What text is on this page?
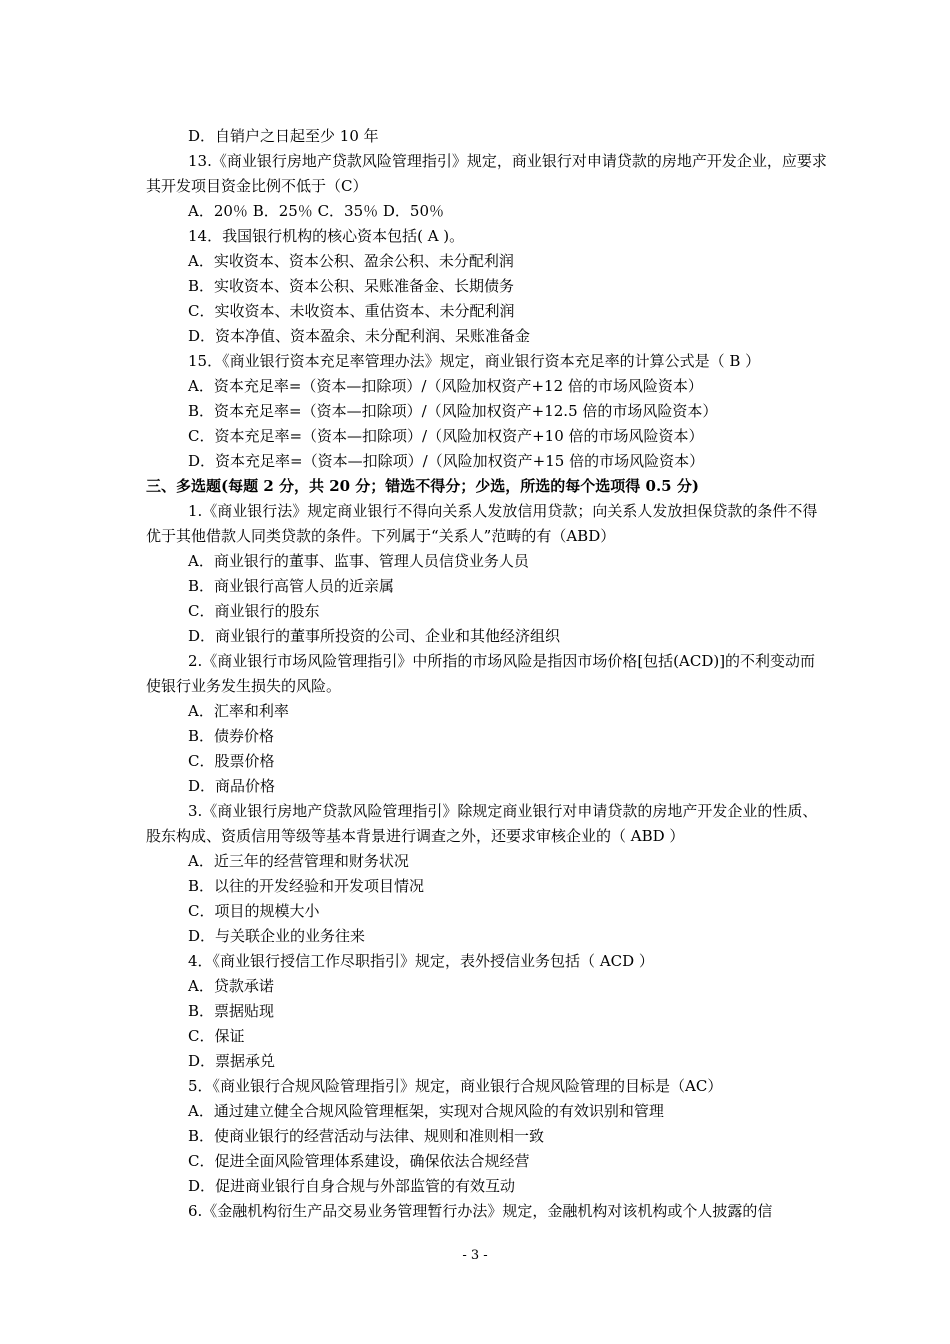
D．自销户之日起至少 10 年
13.《商业银行房地产贷款风险管理指引》规定，商业银行对申请贷款的房地产开发企业，应要求其开发项目资金比例不低于（C）
A．20％ B．25％ C．35％ D．50％
14．我国银行机构的核心资本包括( A )。
A．实收资本、资本公积、盈余公积、未分配利润
B．实收资本、资本公积、呆账准备金、长期债务
C．实收资本、未收资本、重估资本、未分配利润
D．资本净值、资本盈余、未分配利润、呆账准备金
15．《商业银行资本充足率管理办法》规定，商业银行资本充足率的计算公式是（ B ）
A．资本充足率=（资本—扣除项）/（风险加权资产+12 倍的市场风险资本）
B．资本充足率=（资本—扣除项）/（风险加权资产+12.5 倍的市场风险资本）
C．资本充足率=（资本—扣除项）/（风险加权资产+10 倍的市场风险资本）
D．资本充足率=（资本—扣除项）/（风险加权资产+15 倍的市场风险资本）
三、多选题(每题 2 分，共 20 分；错选不得分；少选，所选的每个选项得 0.5 分)
1.《商业银行法》规定商业银行不得向关系人发放信用贷款；向关系人发放担保贷款的条件不得优于其他借款人同类贷款的条件。下列属于“关系人”范畴的有（ABD）
A．商业银行的董事、监事、管理人员信贷业务人员
B．商业银行高管人员的近亲属
C．商业银行的股东
D．商业银行的董事所投资的公司、企业和其他经济组织
2.《商业银行市场风险管理指引》中所指的市场风险是指因市场价格[包括(ACD)]的不利变动而使银行业务发生损失的风险。
A．汇率和利率
B．债券价格
C．股票价格
D．商品价格
3.《商业银行房地产贷款风险管理指引》除规定商业银行对申请贷款的房地产开发企业的性质、股东构成、资质信用等级等基本背景进行调查之外，还要求审核企业的（ ABD ）
A．近三年的经营管理和财务状况
B．以往的开发经验和开发项目情况
C．项目的规模大小
D．与关联企业的业务往来
4．《商业银行授信工作尽职指引》规定，表外授信业务包括（ ACD ）
A．贷款承诺
B．票据贴现
C．保证
D．票据承兑
5．《商业银行合规风险管理指引》规定，商业银行合规风险管理的目标是（AC）
A．通过建立健全合规风险管理框架，实现对合规风险的有效识别和管理
B．使商业银行的经营活动与法律、规则和准则相一致
C．促进全面风险管理体系建设，确保依法合规经营
D．促进商业银行自身合规与外部监管的有效互动
6.《金融机构衍生产品交易业务管理暂行办法》规定，金融机构对该机构或个人披露的信
- 3 -
